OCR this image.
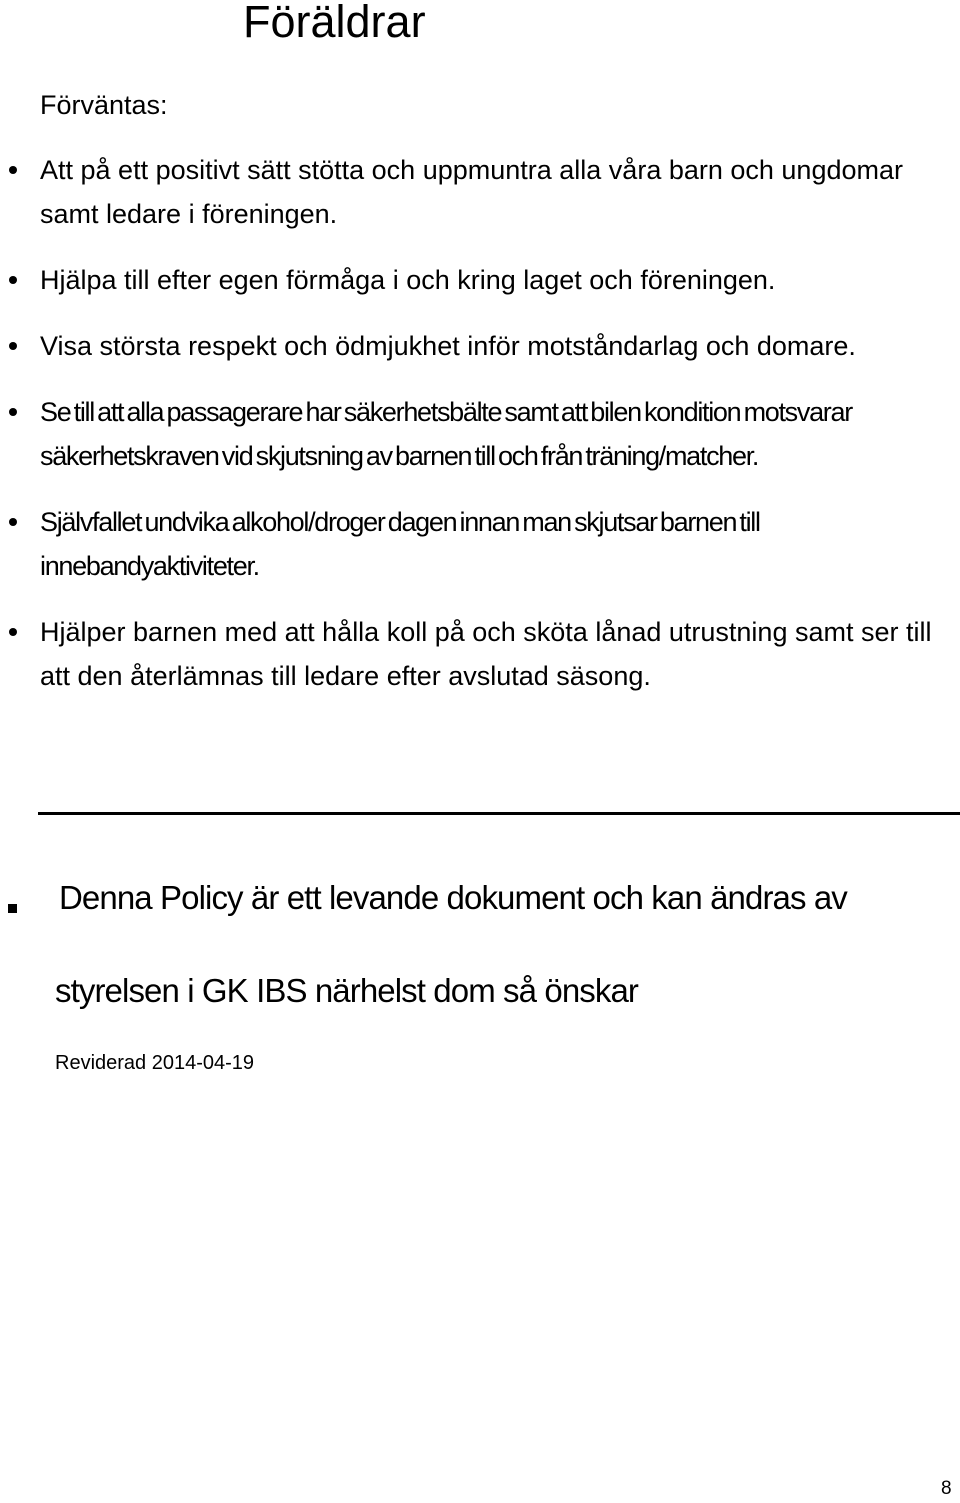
Föräldrar
Förväntas:
Att på ett positivt sätt stötta och uppmuntra alla våra barn och ungdomar samt ledare i föreningen.
Hjälpa till efter egen förmåga i och kring laget och föreningen.
Visa största respekt och ödmjukhet inför motståndarlag och domare.
Se till att alla passagerare har säkerhetsbälte samt att bilen kondition motsvarar säkerhetskraven vid skjutsning av barnen till och från träning/matcher.
Självfallet undvika alkohol/droger dagen innan man skjutsar barnen till innebandyaktiviteter.
Hjälper barnen med att hålla koll på och sköta lånad utrustning samt ser till att den återlämnas till ledare efter avslutad säsong.
Denna Policy är ett levande dokument och kan ändras av
styrelsen i GK IBS närhelst dom så önskar
Reviderad 2014-04-19
8
